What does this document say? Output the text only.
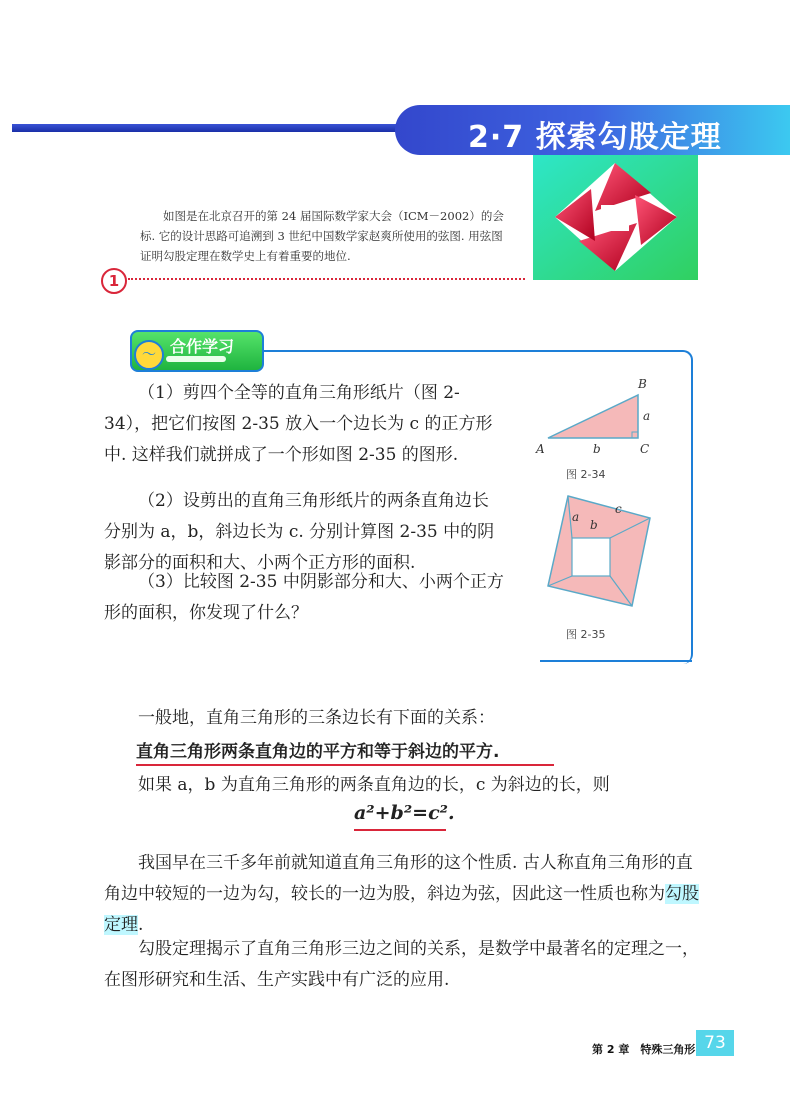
2·7 探索勾股定理
如图是在北京召开的第 24 届国际数学家大会（ICM－2002）的会标. 它的设计思路可追溯到 3 世纪中国数学家赵爽所使用的弦图. 用弦图证明勾股定理在数学史上有着重要的地位.
1
〜 合作学习
（1）剪四个全等的直角三角形纸片（图 2-34），把它们按图 2-35 放入一个边长为 c 的正方形中. 这样我们就拼成了一个形如图 2-35 的图形.
（2）设剪出的直角三角形纸片的两条直角边长分别为 a，b，斜边长为 c. 分别计算图 2-35 中的阴影部分的面积和大、小两个正方形的面积.
（3）比较图 2-35 中阴影部分和大、小两个正方形的面积，你发现了什么？
A
B
C
a
b
图 2-34
a
b
c
图 2-35
一般地，直角三角形的三条边长有下面的关系：
直角三角形两条直角边的平方和等于斜边的平方.
如果 a，b 为直角三角形的两条直角边的长，c 为斜边的长，则
a²+b²=c².
我国早在三千多年前就知道直角三角形的这个性质. 古人称直角三角形的直角边中较短的一边为勾，较长的一边为股，斜边为弦，因此这一性质也称为勾股定理.
勾股定理揭示了直角三角形三边之间的关系，是数学中最著名的定理之一，在图形研究和生活、生产实践中有广泛的应用.
第 2 章　特殊三角形 73
